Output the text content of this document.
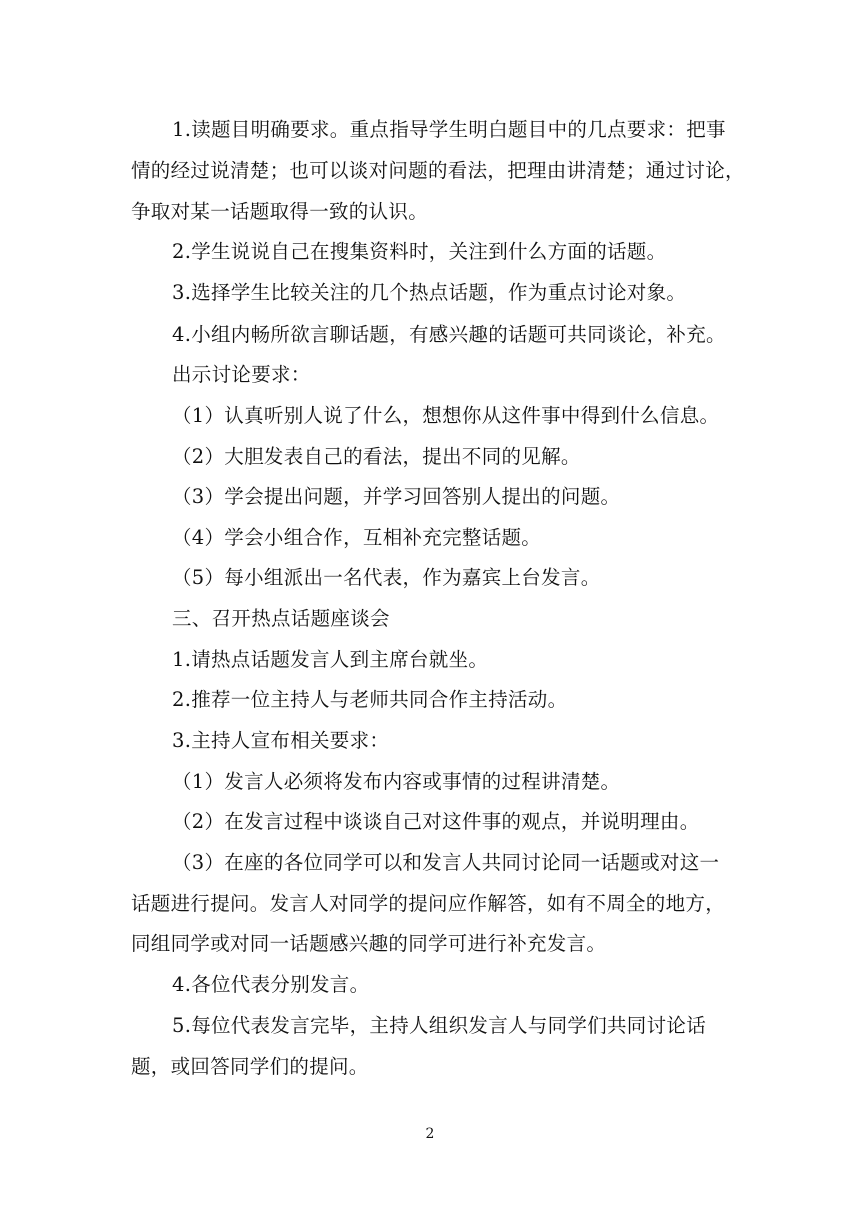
1.读题目明确要求。重点指导学生明白题目中的几点要求：把事

情的经过说清楚；也可以谈对问题的看法，把理由讲清楚；通过讨论，

争取对某一话题取得一致的认识。

2.学生说说自己在搜集资料时，关注到什么方面的话题。

3.选择学生比较关注的几个热点话题，作为重点讨论对象。

4.小组内畅所欲言聊话题，有感兴趣的话题可共同谈论，补充。

出示讨论要求：

（1）认真听别人说了什么，想想你从这件事中得到什么信息。

（2）大胆发表自己的看法，提出不同的见解。

（3）学会提出问题，并学习回答别人提出的问题。

（4）学会小组合作，互相补充完整话题。

（5）每小组派出一名代表，作为嘉宾上台发言。

三、召开热点话题座谈会

1.请热点话题发言人到主席台就坐。

2.推荐一位主持人与老师共同合作主持活动。

3.主持人宣布相关要求：

（1）发言人必须将发布内容或事情的过程讲清楚。

（2）在发言过程中谈谈自己对这件事的观点，并说明理由。

（3）在座的各位同学可以和发言人共同讨论同一话题或对这一

话题进行提问。发言人对同学的提问应作解答，如有不周全的地方，

同组同学或对同一话题感兴趣的同学可进行补充发言。

4.各位代表分别发言。

5.每位代表发言完毕，主持人组织发言人与同学们共同讨论话

题，或回答同学们的提问。

2
